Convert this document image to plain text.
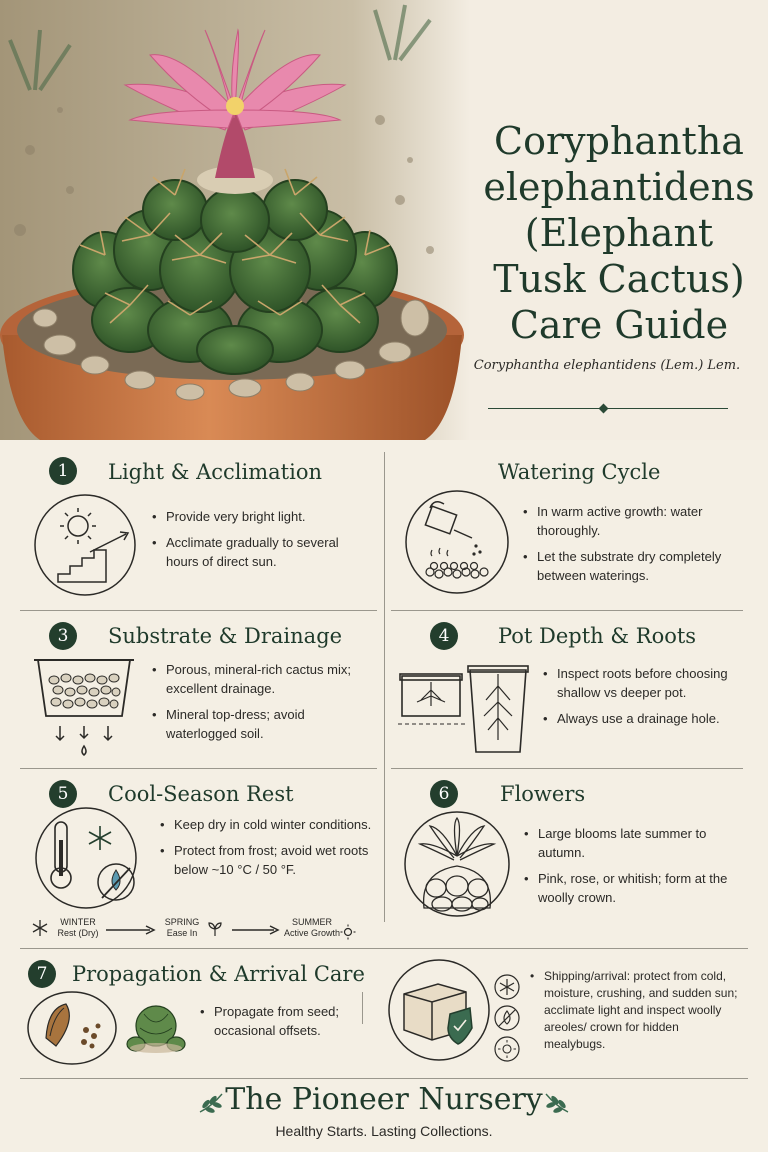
Coryphantha elephantidens (Elephant Tusk Cactus) Care Guide
Coryphantha elephantidens (Lem.) Lem.
1	Light & Acclimation
• Provide very bright light.
• Acclimate gradually to several hours of direct sun.
Watering Cycle
• In warm active growth: water thoroughly.
• Let the substrate dry completely between waterings.
3	Substrate & Drainage
• Porous, mineral-rich cactus mix; excellent drainage.
• Mineral top-dress; avoid waterlogged soil.
4	Pot Depth & Roots
• Inspect roots before choosing shallow vs deeper pot.
• Always use a drainage hole.
5	Cool-Season Rest
• Keep dry in cold winter conditions.
• Protect from frost; avoid wet roots below ~10 °C / 50 °F.
WINTER
Rest (Dry)
SPRING
Ease In
SUMMER
Active Growth
6	Flowers
• Large blooms late summer to autumn.
• Pink, rose, or whitish; form at the woolly crown.
7	Propagation & Arrival Care
• Propagate from seed; occasional offsets.
• Shipping/arrival: protect from cold, moisture, crushing, and sudden sun; acclimate light and inspect woolly areoles/ crown for hidden mealybugs.
The Pioneer Nursery
Healthy Starts. Lasting Collections.
